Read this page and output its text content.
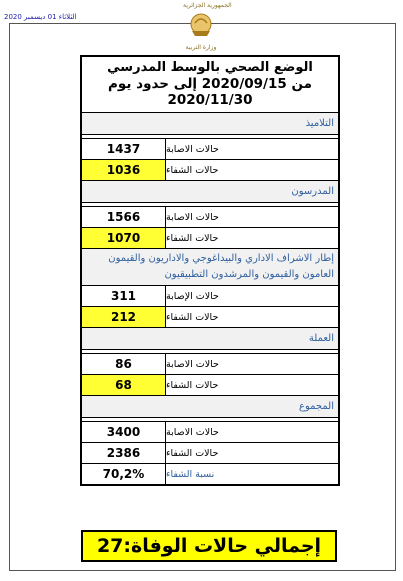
الثلاثاء 01 ديسمبر 2020
الجمهورية الجزائرية
وزارة التربية
الوضع الصحي بالوسط المدرسي
من 2020/09/15 إلى حدود يوم 2020/11/30
التلاميذ
1437	حالات الاصابة
1036	حالات الشفاء
المدرسون
1566	حالات الاصابة
1070	حالات الشفاء
إطار الاشراف الاداري والبيداغوجي والاداريون والقيمون العامون والقيمون والمرشدون التطبيقيون
311	حالات الإصابة
212	حالات الشفاء
العملة
86	حالات الاصابة
68	حالات الشفاء
المجموع
3400	حالات الاصابة
2386	حالات الشفاء
70,2%	نسبة الشفاء
إجمالي حالات الوفاة:27
